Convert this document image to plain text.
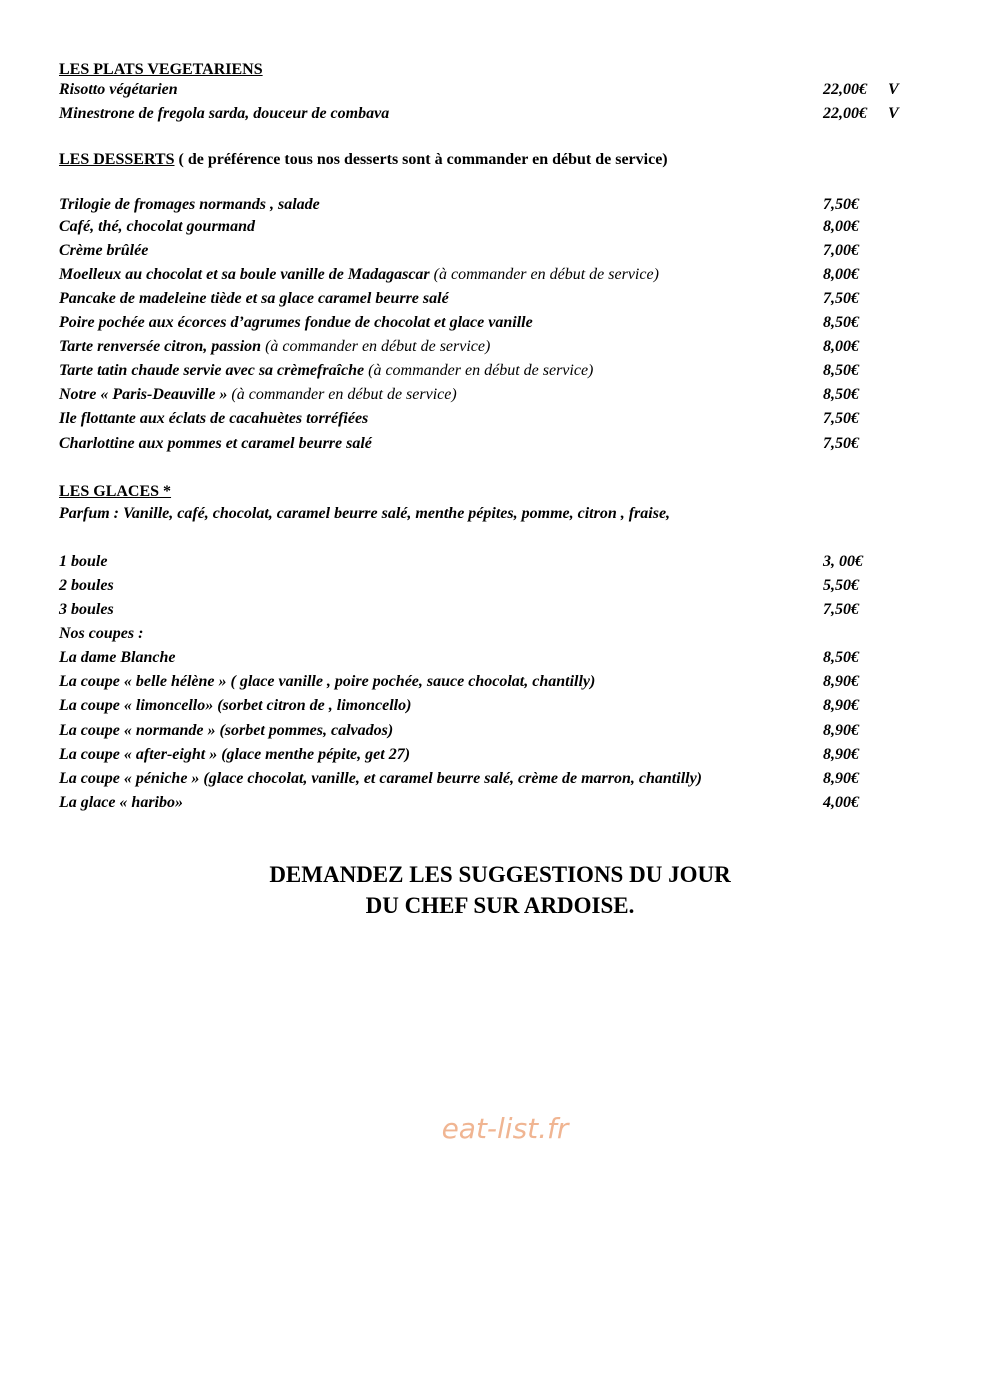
LES PLATS VEGETARIENS
Risotto végétarien	22,00€ V
Minestrone de fregola sarda, douceur de combava	22,00€ V
LES DESSERTS ( de préférence tous nos desserts sont à commander en début de service)
Trilogie de fromages normands , salade	7,50€
Café, thé, chocolat gourmand	8,00€
Crème brûlée	7,00€
Moelleux au chocolat et sa boule vanille de Madagascar (à commander en début de service)	8,00€
Pancake de madeleine tiède et sa glace caramel beurre salé	7,50€
Poire pochée aux écorces d’agrumes fondue de chocolat et glace vanille	8,50€
Tarte renversée citron, passion (à commander en début de service)	8,00€
Tarte tatin chaude servie avec sa crèmefraîche (à commander en début de service)	8,50€
Notre « Paris-Deauville » (à commander en début de service)	8,50€
Ile flottante aux éclats de cacahuètes torréfiées	7,50€
Charlottine aux pommes et caramel beurre salé	7,50€
LES GLACES *
Parfum : Vanille, café, chocolat, caramel beurre salé, menthe pépites, pomme, citron , fraise,
1 boule	3, 00€
2 boules	5,50€
3 boules	7,50€
Nos coupes :
La dame Blanche	8,50€
La coupe « belle hélène » ( glace vanille , poire pochée, sauce chocolat, chantilly)	8,90€
La coupe « limoncello» (sorbet citron de , limoncello)	8,90€
La coupe « normande » (sorbet pommes, calvados)	8,90€
La coupe « after-eight » (glace menthe pépite, get 27)	8,90€
La coupe « péniche » (glace chocolat, vanille, et caramel beurre salé, crème de marron, chantilly)	8,90€
La glace « haribo»	4,00€
DEMANDEZ LES SUGGESTIONS DU JOUR
DU CHEF SUR ARDOISE.
eat-list.fr
